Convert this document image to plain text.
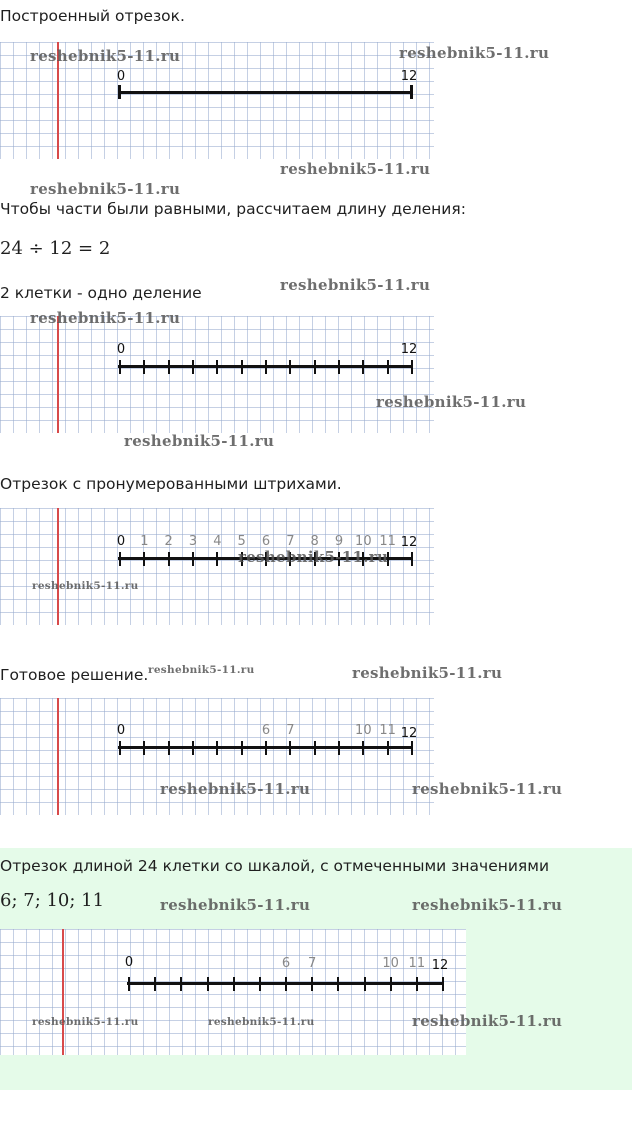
Построенный отрезок.
Чтобы части были равными, рассчитаем длину деления:
24 ÷ 12 = 2
2 клетки - одно деление
Отрезок с пронумерованными штрихами.
Готовое решение.
Отрезок длиной 24 клетки со шкалой, с отмеченными значениями
6; 7; 10; 11
0	12
0	12
0	12
1 2 3 4 5 6 7 8 9 10 11
0	12
6 7	10 11
0	12
6 7	10 11
reshebnik5-11.ru	reshebnik5-11.ru
reshebnik5-11.ru
reshebnik5-11.ru
reshebnik5-11.ru
reshebnik5-11.ru
reshebnik5-11.ru
reshebnik5-11.ru
reshebnik5-11.ru
reshebnik5-11.ru
reshebnik5-11.ru	reshebnik5-11.ru
reshebnik5-11.ru	reshebnik5-11.ru
reshebnik5-11.ru	reshebnik5-11.ru
reshebnik5-11.ru	reshebnik5-11.ru	reshebnik5-11.ru
